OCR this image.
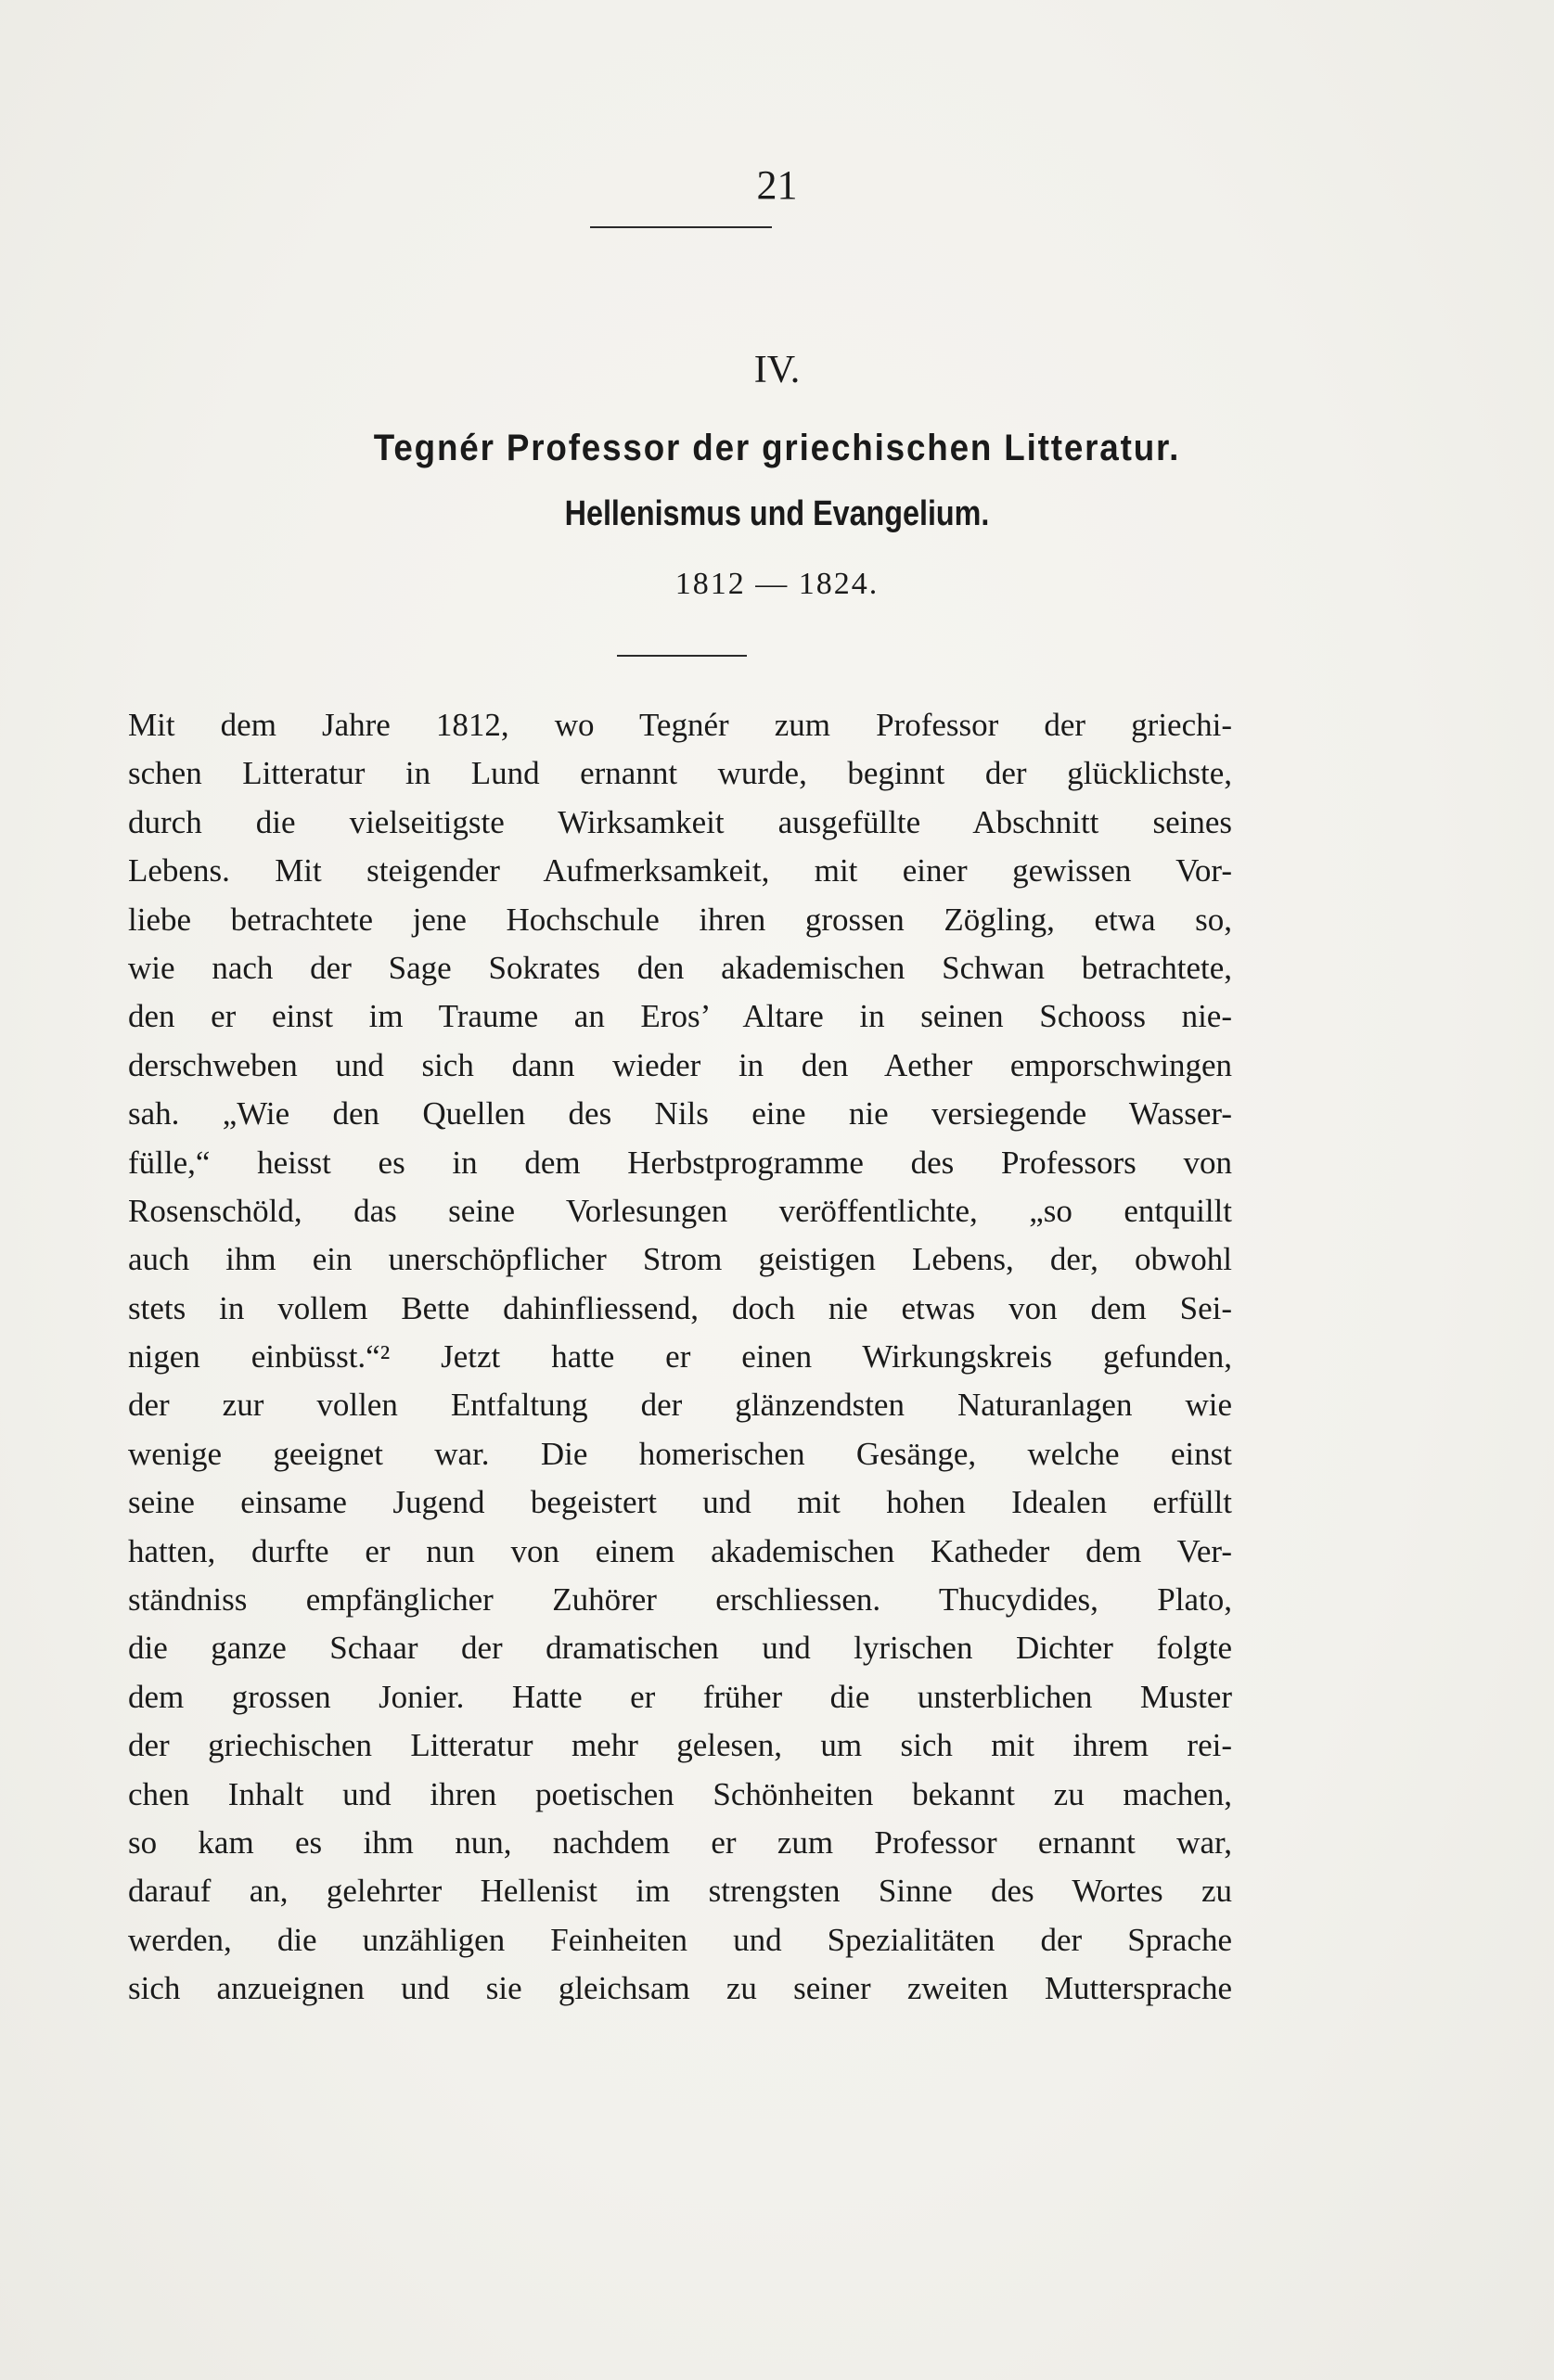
21
IV.
Tegnér Professor der griechischen Litteratur.
Hellenismus und Evangelium.
1812 — 1824.
Mit dem Jahre 1812, wo Tegnér zum Professor der griechi-
schen Litteratur in Lund ernannt wurde, beginnt der glücklichste,
durch die vielseitigste Wirksamkeit ausgefüllte Abschnitt seines
Lebens. Mit steigender Aufmerksamkeit, mit einer gewissen Vor-
liebe betrachtete jene Hochschule ihren grossen Zögling, etwa so,
wie nach der Sage Sokrates den akademischen Schwan betrachtete,
den er einst im Traume an Eros’ Altare in seinen Schooss nie-
derschweben und sich dann wieder in den Aether emporschwingen
sah. „Wie den Quellen des Nils eine nie versiegende Wasser-
fülle,“ heisst es in dem Herbstprogramme des Professors von
Rosenschöld, das seine Vorlesungen veröffentlichte, „so entquillt
auch ihm ein unerschöpflicher Strom geistigen Lebens, der, obwohl
stets in vollem Bette dahinfliessend, doch nie etwas von dem Sei-
nigen einbüsst.“² Jetzt hatte er einen Wirkungskreis gefunden,
der zur vollen Entfaltung der glänzendsten Naturanlagen wie
wenige geeignet war. Die homerischen Gesänge, welche einst
seine einsame Jugend begeistert und mit hohen Idealen erfüllt
hatten, durfte er nun von einem akademischen Katheder dem Ver-
ständniss empfänglicher Zuhörer erschliessen. Thucydides, Plato,
die ganze Schaar der dramatischen und lyrischen Dichter folgte
dem grossen Jonier. Hatte er früher die unsterblichen Muster
der griechischen Litteratur mehr gelesen, um sich mit ihrem rei-
chen Inhalt und ihren poetischen Schönheiten bekannt zu machen,
so kam es ihm nun, nachdem er zum Professor ernannt war,
darauf an, gelehrter Hellenist im strengsten Sinne des Wortes zu
werden, die unzähligen Feinheiten und Spezialitäten der Sprache
sich anzueignen und sie gleichsam zu seiner zweiten Muttersprache
